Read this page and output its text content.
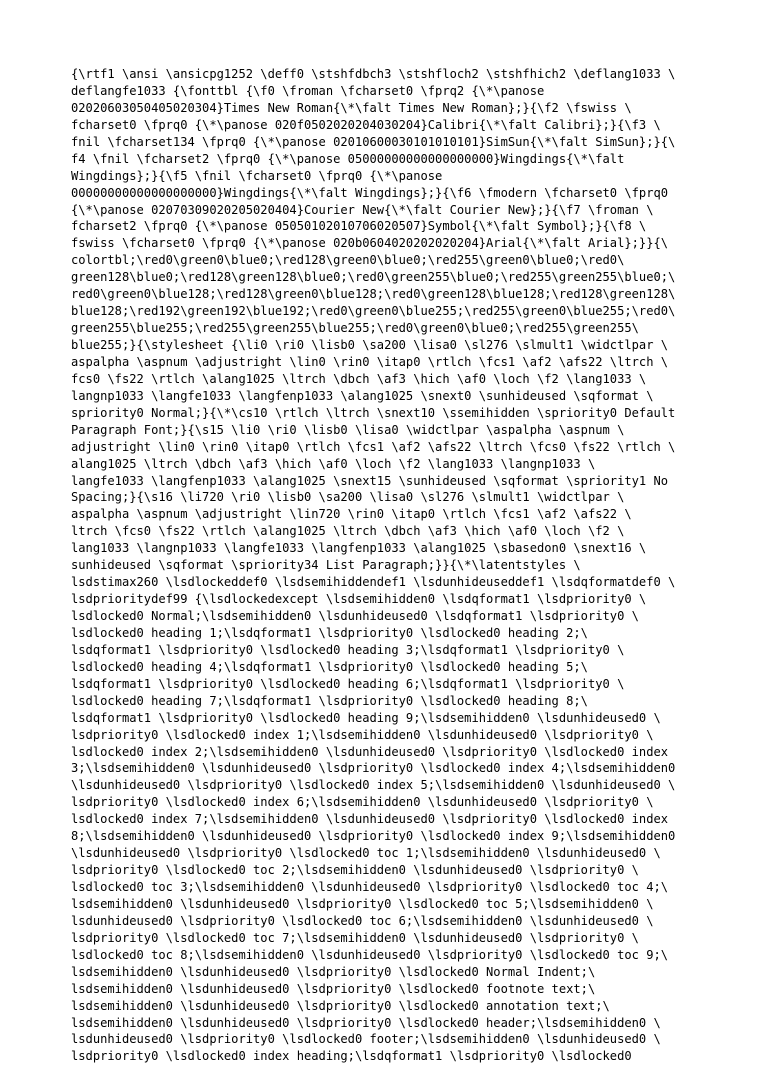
{\rtf1 \ansi \ansicpg1252 \deff0 \stshfdbch3 \stshfloch2 \stshfhich2 \deflang1033 \
deflangfe1033 {\fonttbl {\f0 \froman \fcharset0 \fprq2 {\*\panose
02020603050405020304}Times New Roman{\*\falt Times New Roman};}{\f2 \fswiss \
fcharset0 \fprq0 {\*\panose 020f0502020204030204}Calibri{\*\falt Calibri};}{\f3 \
fnil \fcharset134 \fprq0 {\*\panose 02010600030101010101}SimSun{\*\falt SimSun};}{\
f4 \fnil \fcharset2 \fprq0 {\*\panose 05000000000000000000}Wingdings{\*\falt
Wingdings};}{\f5 \fnil \fcharset0 \fprq0 {\*\panose
00000000000000000000}Wingdings{\*\falt Wingdings};}{\f6 \fmodern \fcharset0 \fprq0
{\*\panose 02070309020205020404}Courier New{\*\falt Courier New};}{\f7 \froman \
fcharset2 \fprq0 {\*\panose 05050102010706020507}Symbol{\*\falt Symbol};}{\f8 \
fswiss \fcharset0 \fprq0 {\*\panose 020b0604020202020204}Arial{\*\falt Arial};}}{\
colortbl;\red0\green0\blue0;\red128\green0\blue0;\red255\green0\blue0;\red0\
green128\blue0;\red128\green128\blue0;\red0\green255\blue0;\red255\green255\blue0;\
red0\green0\blue128;\red128\green0\blue128;\red0\green128\blue128;\red128\green128\
blue128;\red192\green192\blue192;\red0\green0\blue255;\red255\green0\blue255;\red0\
green255\blue255;\red255\green255\blue255;\red0\green0\blue0;\red255\green255\
blue255;}{\stylesheet {\li0 \ri0 \lisb0 \sa200 \lisa0 \sl276 \slmult1 \widctlpar \
aspalpha \aspnum \adjustright \lin0 \rin0 \itap0 \rtlch \fcs1 \af2 \afs22 \ltrch \
fcs0 \fs22 \rtlch \alang1025 \ltrch \dbch \af3 \hich \af0 \loch \f2 \lang1033 \
langnp1033 \langfe1033 \langfenp1033 \alang1025 \snext0 \sunhideused \sqformat \
spriority0 Normal;}{\*\cs10 \rtlch \ltrch \snext10 \ssemihidden \spriority0 Default
Paragraph Font;}{\s15 \li0 \ri0 \lisb0 \lisa0 \widctlpar \aspalpha \aspnum \
adjustright \lin0 \rin0 \itap0 \rtlch \fcs1 \af2 \afs22 \ltrch \fcs0 \fs22 \rtlch \
alang1025 \ltrch \dbch \af3 \hich \af0 \loch \f2 \lang1033 \langnp1033 \
langfe1033 \langfenp1033 \alang1025 \snext15 \sunhideused \sqformat \spriority1 No
Spacing;}{\s16 \li720 \ri0 \lisb0 \sa200 \lisa0 \sl276 \slmult1 \widctlpar \
aspalpha \aspnum \adjustright \lin720 \rin0 \itap0 \rtlch \fcs1 \af2 \afs22 \
ltrch \fcs0 \fs22 \rtlch \alang1025 \ltrch \dbch \af3 \hich \af0 \loch \f2 \
lang1033 \langnp1033 \langfe1033 \langfenp1033 \alang1025 \sbasedon0 \snext16 \
sunhideused \sqformat \spriority34 List Paragraph;}}{\*\latentstyles \
lsdstimax260 \lsdlockeddef0 \lsdsemihiddendef1 \lsdunhideuseddef1 \lsdqformatdef0 \
lsdprioritydef99 {\lsdlockedexcept \lsdsemihidden0 \lsdqformat1 \lsdpriority0 \
lsdlocked0 Normal;\lsdsemihidden0 \lsdunhideused0 \lsdqformat1 \lsdpriority0 \
lsdlocked0 heading 1;\lsdqformat1 \lsdpriority0 \lsdlocked0 heading 2;\
lsdqformat1 \lsdpriority0 \lsdlocked0 heading 3;\lsdqformat1 \lsdpriority0 \
lsdlocked0 heading 4;\lsdqformat1 \lsdpriority0 \lsdlocked0 heading 5;\
lsdqformat1 \lsdpriority0 \lsdlocked0 heading 6;\lsdqformat1 \lsdpriority0 \
lsdlocked0 heading 7;\lsdqformat1 \lsdpriority0 \lsdlocked0 heading 8;\
lsdqformat1 \lsdpriority0 \lsdlocked0 heading 9;\lsdsemihidden0 \lsdunhideused0 \
lsdpriority0 \lsdlocked0 index 1;\lsdsemihidden0 \lsdunhideused0 \lsdpriority0 \
lsdlocked0 index 2;\lsdsemihidden0 \lsdunhideused0 \lsdpriority0 \lsdlocked0 index
3;\lsdsemihidden0 \lsdunhideused0 \lsdpriority0 \lsdlocked0 index 4;\lsdsemihidden0
\lsdunhideused0 \lsdpriority0 \lsdlocked0 index 5;\lsdsemihidden0 \lsdunhideused0 \
lsdpriority0 \lsdlocked0 index 6;\lsdsemihidden0 \lsdunhideused0 \lsdpriority0 \
lsdlocked0 index 7;\lsdsemihidden0 \lsdunhideused0 \lsdpriority0 \lsdlocked0 index
8;\lsdsemihidden0 \lsdunhideused0 \lsdpriority0 \lsdlocked0 index 9;\lsdsemihidden0
\lsdunhideused0 \lsdpriority0 \lsdlocked0 toc 1;\lsdsemihidden0 \lsdunhideused0 \
lsdpriority0 \lsdlocked0 toc 2;\lsdsemihidden0 \lsdunhideused0 \lsdpriority0 \
lsdlocked0 toc 3;\lsdsemihidden0 \lsdunhideused0 \lsdpriority0 \lsdlocked0 toc 4;\
lsdsemihidden0 \lsdunhideused0 \lsdpriority0 \lsdlocked0 toc 5;\lsdsemihidden0 \
lsdunhideused0 \lsdpriority0 \lsdlocked0 toc 6;\lsdsemihidden0 \lsdunhideused0 \
lsdpriority0 \lsdlocked0 toc 7;\lsdsemihidden0 \lsdunhideused0 \lsdpriority0 \
lsdlocked0 toc 8;\lsdsemihidden0 \lsdunhideused0 \lsdpriority0 \lsdlocked0 toc 9;\
lsdsemihidden0 \lsdunhideused0 \lsdpriority0 \lsdlocked0 Normal Indent;\
lsdsemihidden0 \lsdunhideused0 \lsdpriority0 \lsdlocked0 footnote text;\
lsdsemihidden0 \lsdunhideused0 \lsdpriority0 \lsdlocked0 annotation text;\
lsdsemihidden0 \lsdunhideused0 \lsdpriority0 \lsdlocked0 header;\lsdsemihidden0 \
lsdunhideused0 \lsdpriority0 \lsdlocked0 footer;\lsdsemihidden0 \lsdunhideused0 \
lsdpriority0 \lsdlocked0 index heading;\lsdqformat1 \lsdpriority0 \lsdlocked0
